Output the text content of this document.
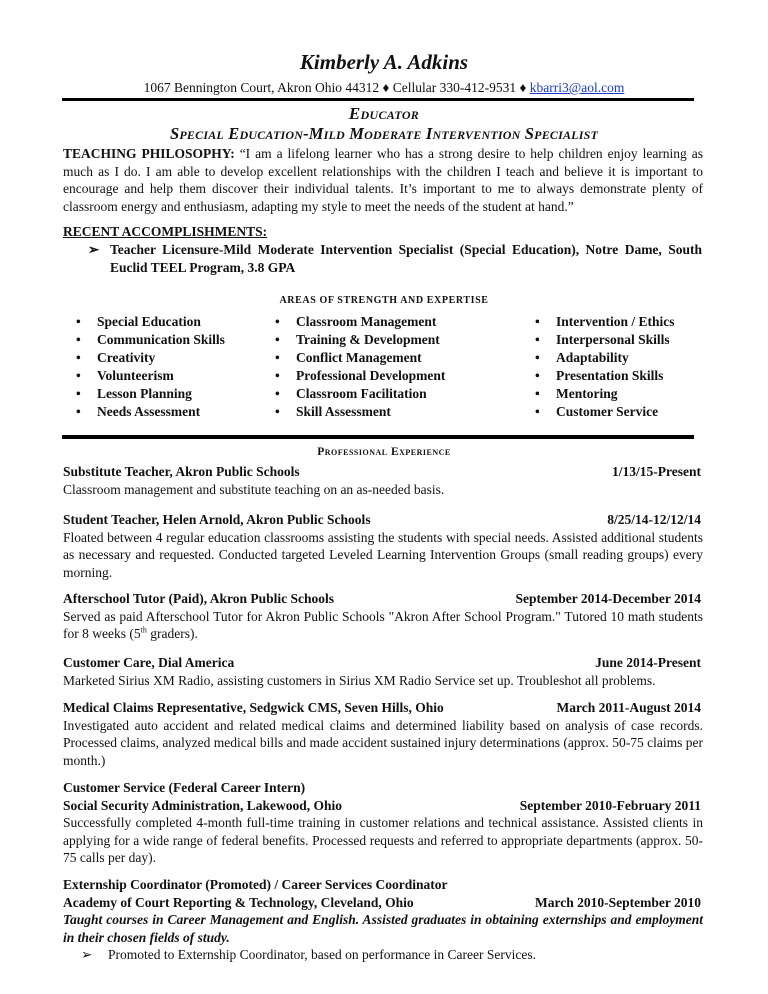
Kimberly A. Adkins
1067 Bennington Court, Akron Ohio 44312 ♦ Cellular 330-412-9531 ♦ kbarri3@aol.com
Educator
Special Education-Mild Moderate Intervention Specialist
TEACHING PHILOSOPHY: “I am a lifelong learner who has a strong desire to help children enjoy learning as much as I do. I am able to develop excellent relationships with the children I teach and believe it is important to encourage and help them discover their individual talents. It’s important to me to always demonstrate plenty of classroom energy and enthusiasm, adapting my style to meet the needs of the student at hand.”
RECENT ACCOMPLISHMENTS:
➢ Teacher Licensure-Mild Moderate Intervention Specialist (Special Education), Notre Dame, South Euclid TEEL Program, 3.8 GPA
AREAS OF STRENGTH AND EXPERTISE
• Special Education
• Communication Skills
• Creativity
• Volunteerism
• Lesson Planning
• Needs Assessment
• Classroom Management
• Training & Development
• Conflict Management
• Professional Development
• Classroom Facilitation
• Skill Assessment
• Intervention / Ethics
• Interpersonal Skills
• Adaptability
• Presentation Skills
• Mentoring
• Customer Service
Professional Experience
Substitute Teacher, Akron Public Schools	1/13/15-Present
Classroom management and substitute teaching on an as-needed basis.
Student Teacher, Helen Arnold, Akron Public Schools	8/25/14-12/12/14
Floated between 4 regular education classrooms assisting the students with special needs. Assisted additional students as necessary and requested. Conducted targeted Leveled Learning Intervention Groups (small reading groups) every morning.
Afterschool Tutor (Paid), Akron Public Schools	September 2014-December 2014
Served as paid Afterschool Tutor for Akron Public Schools "Akron After School Program." Tutored 10 math students for 8 weeks (5th graders).
Customer Care, Dial America	June 2014-Present
Marketed Sirius XM Radio, assisting customers in Sirius XM Radio Service set up. Troubleshot all problems.
Medical Claims Representative, Sedgwick CMS, Seven Hills, Ohio	March 2011-August 2014
Investigated auto accident and related medical claims and determined liability based on analysis of case records. Processed claims, analyzed medical bills and made accident sustained injury determinations (approx. 50-75 claims per month.)
Customer Service (Federal Career Intern)
Social Security Administration, Lakewood, Ohio	September 2010-February 2011
Successfully completed 4-month full-time training in customer relations and technical assistance. Assisted clients in applying for a wide range of federal benefits. Processed requests and referred to appropriate departments (approx. 50-75 calls per day).
Externship Coordinator (Promoted) / Career Services Coordinator
Academy of Court Reporting & Technology, Cleveland, Ohio	March 2010-September 2010
Taught courses in Career Management and English. Assisted graduates in obtaining externships and employment in their chosen fields of study.
➢ Promoted to Externship Coordinator, based on performance in Career Services.
